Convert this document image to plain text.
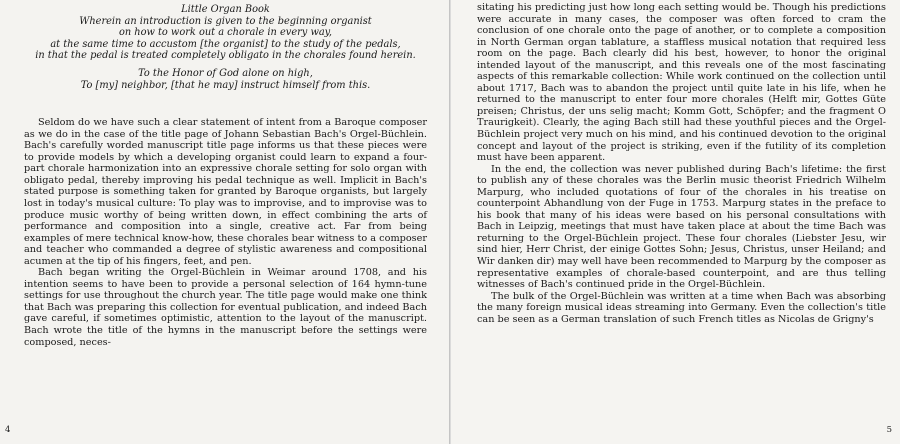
Little Organ Book

Wherein an introduction is given to the beginning organist

on how to work out a chorale in every way,

at the same time to accustom [the organist] to the study of the pedals,

in that the pedal is treated completely obligato in the chorales found herein.

To the Honor of God alone on high,

To [my] neighbor, [that he may] instruct himself from this.

Seldom do we have such a clear statement of intent from a Baroque composer as we do in the case of the title page of Johann Sebastian Bach's Orgel-Büchlein. Bach's carefully worded manuscript title page informs us that these pieces were to provide models by which a developing organist could learn to expand a four-part chorale harmonization into an expressive chorale setting for solo organ with obligato pedal, thereby improving his pedal technique as well. Implicit in Bach's stated purpose is something taken for granted by Baroque organists, but largely lost in today's musical culture: To play was to improvise, and to improvise was to produce music worthy of being written down, in effect combining the arts of performance and composition into a single, creative act. Far from being examples of mere technical know-how, these chorales bear witness to a composer and teacher who commanded a degree of stylistic awareness and compositional acumen at the tip of his fingers, feet, and pen.

Bach began writing the Orgel-Büchlein in Weimar around 1708, and his intention seems to have been to provide a personal selection of 164 hymn-tune settings for use throughout the church year. The title page would make one think that Bach was preparing this collection for eventual publication, and indeed Bach gave careful, if sometimes optimistic, attention to the layout of the manuscript. Bach wrote the title of the hymns in the manuscript before the settings were composed, neces-

4

sitating his predicting just how long each setting would be. Though his predictions were accurate in many cases, the composer was often forced to cram the conclusion of one chorale onto the page of another, or to complete a composition in North German organ tablature, a staffless musical notation that required less room on the page. Bach clearly did his best, however, to honor the original intended layout of the manuscript, and this reveals one of the most fascinating aspects of this remarkable collection: While work continued on the collection until about 1717, Bach was to abandon the project until quite late in his life, when he returned to the manuscript to enter four more chorales (Helft mir, Gottes Güte preisen; Christus, der uns selig macht; Komm Gott, Schöpfer; and the fragment O Traurigkeit). Clearly, the aging Bach still had these youthful pieces and the Orgel-Büchlein project very much on his mind, and his continued devotion to the original concept and layout of the project is striking, even if the futility of its completion must have been apparent.

In the end, the collection was never published during Bach's lifetime: the first to publish any of these chorales was the Berlin music theorist Friedrich Wilhelm Marpurg, who included quotations of four of the chorales in his treatise on counterpoint Abhandlung von der Fuge in 1753. Marpurg states in the preface to his book that many of his ideas were based on his personal consultations with Bach in Leipzig, meetings that must have taken place at about the time Bach was returning to the Orgel-Büchlein project. These four chorales (Liebster Jesu, wir sind hier, Herr Christ, der einige Gottes Sohn; Jesus, Christus, unser Heiland; and Wir danken dir) may well have been recommended to Marpurg by the composer as representative examples of chorale-based counterpoint, and are thus telling witnesses of Bach's continued pride in the Orgel-Büchlein.

The bulk of the Orgel-Büchlein was written at a time when Bach was absorbing the many foreign musical ideas streaming into Germany. Even the collection's title can be seen as a German translation of such French titles as Nicolas de Grigny's

5
